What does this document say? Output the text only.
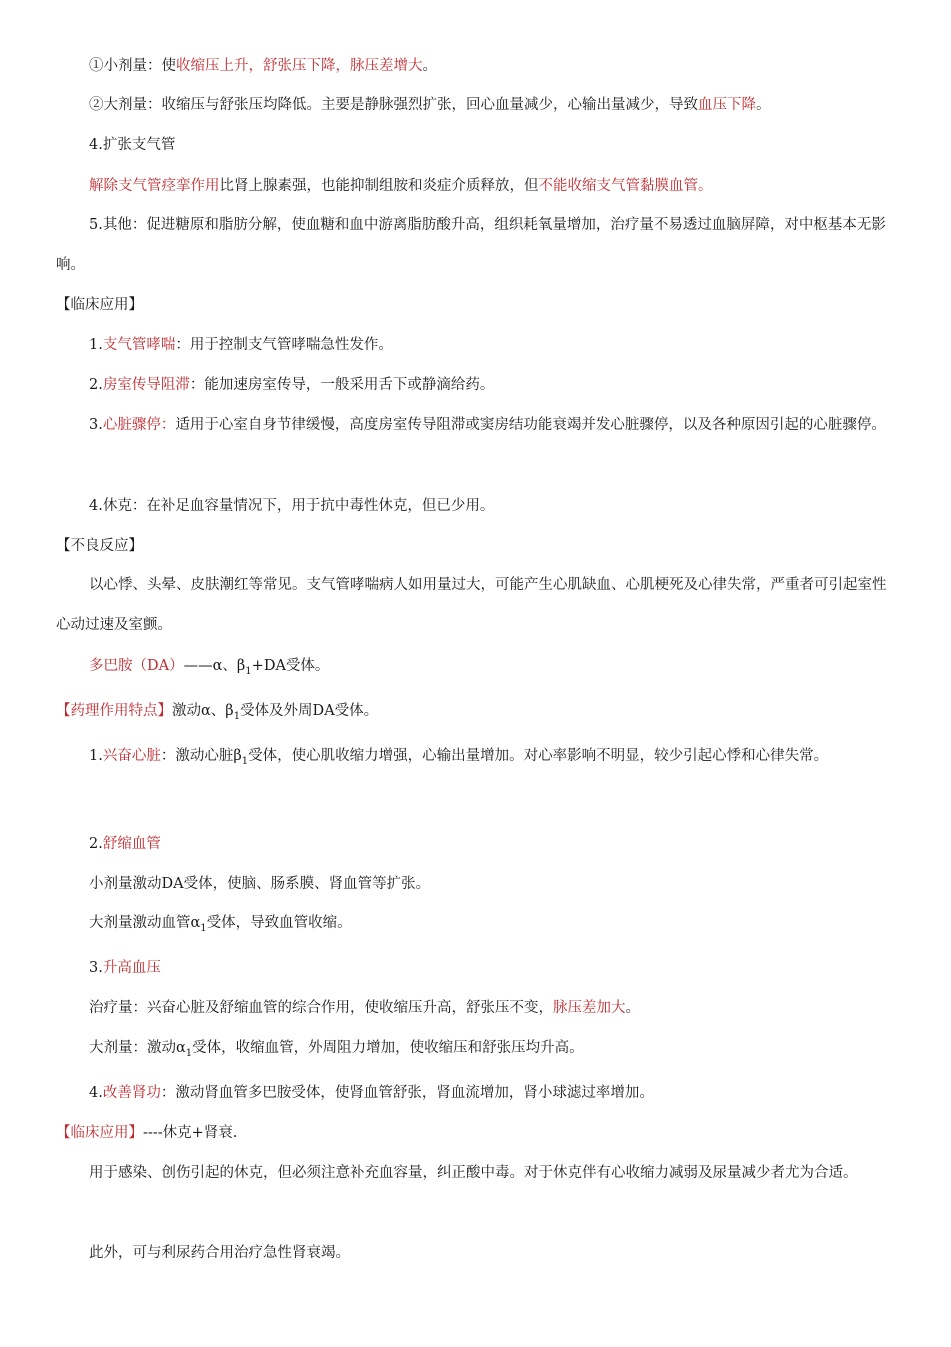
①小剂量：使收缩压上升，舒张压下降，脉压差增大。
②大剂量：收缩压与舒张压均降低。主要是静脉强烈扩张，回心血量减少，心输出量减少，导致血压下降。
4.扩张支气管
解除支气管痉挛作用比肾上腺素强，也能抑制组胺和炎症介质释放，但不能收缩支气管黏膜血管。
5.其他：促进糖原和脂肪分解，使血糖和血中游离脂肪酸升高，组织耗氧量增加，治疗量不易透过血脑屏障，对中枢基本无影响。
【临床应用】
1.支气管哮喘：用于控制支气管哮喘急性发作。
2.房室传导阻滞：能加速房室传导，一般采用舌下或静滴给药。
3.心脏骤停：适用于心室自身节律缓慢，高度房室传导阻滞或窦房结功能衰竭并发心脏骤停，以及各种原因引起的心脏骤停。
4.休克：在补足血容量情况下，用于抗中毒性休克，但已少用。
【不良反应】
以心悸、头晕、皮肤潮红等常见。支气管哮喘病人如用量过大，可能产生心肌缺血、心肌梗死及心律失常，严重者可引起室性心动过速及室颤。
多巴胺（DA）——α、$\beta_1+DA$受体。
【药理作用特点】激动α、$\beta_1$受体及外周DA受体。
1.兴奋心脏：激动心脏$\beta_1$受体，使心肌收缩力增强，心输出量增加。对心率影响不明显，较少引起心悸和心律失常。
2.舒缩血管
小剂量激动DA受体，使脑、肠系膜、肾血管等扩张。
大剂量激动血管$\alpha_1$受体，导致血管收缩。
3.升高血压
治疗量：兴奋心脏及舒缩血管的综合作用，使收缩压升高，舒张压不变，脉压差加大。
大剂量：激动$\alpha_1$受体，收缩血管，外周阻力增加，使收缩压和舒张压均升高。
4.改善肾功：激动肾血管多巴胺受体，使肾血管舒张，肾血流增加，肾小球滤过率增加。
【临床应用】----休克+肾衰.
用于感染、创伤引起的休克，但必须注意补充血容量，纠正酸中毒。对于休克伴有心收缩力减弱及尿量减少者尤为合适。
此外，可与利尿药合用治疗急性肾衰竭。
